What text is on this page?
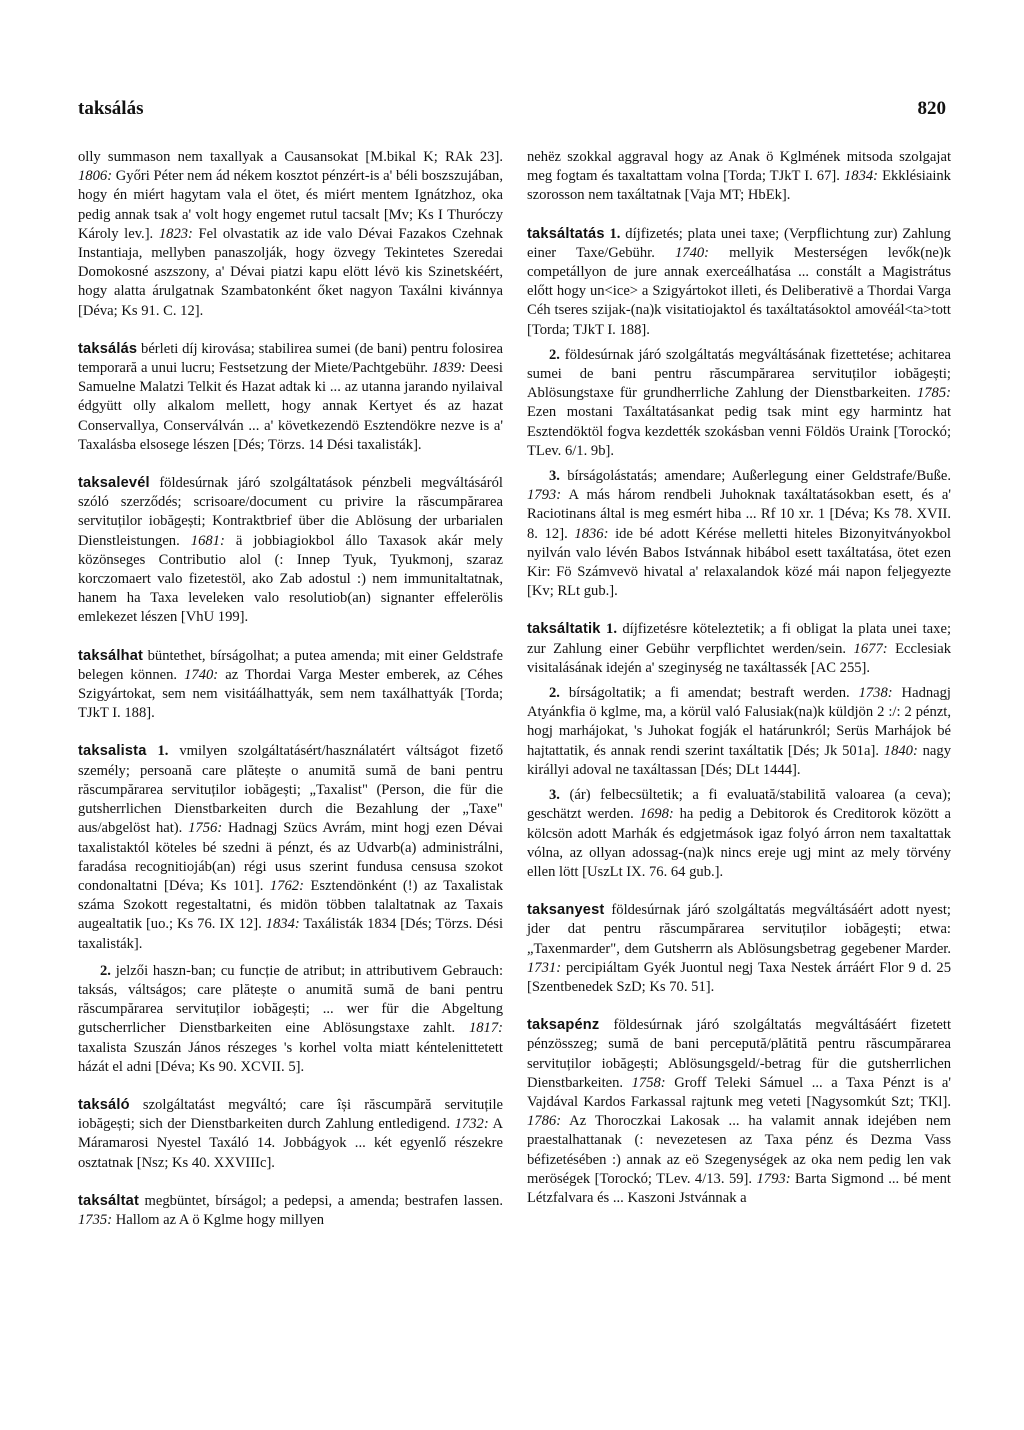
taksálás	820

olly summason nem taxallyak a Causansokat [M.bikal K; RAk 23]. 1806: Győri Péter nem ád nékem kosztot pénzért-is a' béli boszszujában, hogy én miért hagytam vala el ötet, és miért mentem Ignátzhoz, oka pedig annak tsak a' volt hogy engemet rutul tacsalt [Mv; Ks I Thuróczy Károly lev.]. 1823: Fel olvastatik az ide valo Dévai Fazakos Czehnak Instantiaja, mellyben panaszolják, hogy özvegy Tekintetes Szeredai Domokosné aszszony, a' Dévai piatzi kapu elött lévö kis Szinetskéért, hogy alatta árulgatnak Szambatonként őket nagyon Taxálni kivánnya [Déva; Ks 91. C. 12].

taksálás bérleti díj kirovása; stabilirea sumei (de bani) pentru folosirea temporară a unui lucru; Festsetzung der Miete/Pachtgebühr. 1839: Deesi Samuelne Malatzi Telkit és Hazat adtak ki ... az utanna jarando nyilaival édgyütt olly alkalom mellett, hogy annak Kertyet és az hazat Conservallya, Conserválván ... a' következendö Esztendökre nezve is a' Taxalásba elsosege lészen [Dés; Törzs. 14 Dési taxalisták].

taksalevél földesúrnak járó szolgáltatások pénzbeli megváltásáról szóló szerződés; scrisoare/document cu privire la răscumpărarea servituților iobăgești; Kontraktbrief über die Ablösung der urbarialen Dienstleistungen. 1681: ä jobbiagiokbol állo Taxasok akár mely közönseges Contributio alol (: Innep Tyuk, Tyukmonj, szaraz korczomaert valo fizetestöl, ako Zab adostul :) nem immunitaltatnak, hanem ha Taxa leveleken valo resolutiob(an) signanter effelerölis emlekezet lészen [VhU 199].

taksálhat büntethet, bírságolhat; a putea amenda; mit einer Geldstrafe belegen können. 1740: az Thordai Varga Mester emberek, az Céhes Szigyártokat, sem nem visitáálhattyák, sem nem taxálhattyák [Torda; TJkT I. 188].

taksalista 1. vmilyen szolgáltatásért/használatért váltságot fizető személy; persoană care plătește o anumită sumă de bani pentru răscumpărarea servituților iobăgești; „Taxalist" (Person, die für die gutsherrlichen Dienstbarkeiten durch die Bezahlung der „Taxe" aus/abgelöst hat). 1756: Hadnagj Szücs Avrám, mint hogj ezen Dévai taxalistaktól köteles bé szedni ä pénzt, és az Udvarb(a) administrálni, faradása recognitioјáb(an) régi usus szerint fundusa censusa szokot condonaltatni [Déva; Ks 101]. 1762: Esztendönként (!) az Taxalistak száma Szokott regestaltatni, és midön többen talaltatnak az Taxais augealtatik [uo.; Ks 76. IX 12]. 1834: Taxálisták 1834 [Dés; Törzs. Dési taxalisták].

2. jelzői haszn-ban; cu funcție de atribut; in attributivem Gebrauch: taksás, váltságos; care plătește o anumită sumă de bani pentru răscumpărarea servituților iobăgești; ... wer für die Abgeltung gutscherrlicher Dienstbarkeiten eine Ablösungstaxe zahlt. 1817: taxalista Szuszán János részeges 's korhel volta miatt kéntelenittetett házát el adni [Déva; Ks 90. XCVII. 5].

taksáló szolgáltatást megváltó; care își răscumpără servituțile iobăgești; sich der Dienstbarkeiten durch Zahlung entledigend. 1732: A Máramarosi Nyestel Taxáló 14. Jobbágyok ... két egyenlő részekre osztatnak [Nsz; Ks 40. XXVIIIc].

taksáltat megbüntet, bírságol; a pedepsi, a amenda; bestrafen lassen. 1735: Hallom az A ö Kglme hogy millyen

nehëz szokkal aggraval hogy az Anak ö Kglmének mitsoda szolgajat meg fogtam és taxaltattam volna [Torda; TJkT I. 67]. 1834: Ekklésiaink szorosson nem taxáltatnak [Vaja MT; HbEk].

taksáltatás 1. díjfizetés; plata unei taxe; (Verpflichtung zur) Zahlung einer Taxe/Gebühr. 1740: mellyik Mesterségen levők(ne)k competállyon de jure annak exerceálhatása ... constált a Magistrátus előtt hogy un<ice> a Szigyártokot illeti, és Deliberativë a Thordai Varga Céh tseres szijak-(na)k visitatiojaktol és taxáltatásoktol amovéál<ta>tott [Torda; TJkT I. 188].

2. földesúrnak járó szolgáltatás megváltásának fizettetése; achitarea sumei de bani pentru răscumpărarea servituților iobăgești; Ablösungstaxe für grundherrliche Zahlung der Dienstbarkeiten. 1785: Ezen mostani Taxáltatásankat pedig tsak mint egy harmintz hat Esztendöktöl fogva kezdették szokásban venni Földös Uraink [Torockó; TLev. 6/1. 9b].

3. bírságolástatás; amendare; Außerlegung einer Geldstrafe/Buße. 1793: A más három rendbeli Juhoknak taxáltatásokban esett, és a' Raciotinans által is meg esmért hiba ... Rf 10 xr. 1 [Déva; Ks 78. XVII. 8. 12]. 1836: ide bé adott Kérése melletti hiteles Bizonyitványokbol nyilván valo lévén Babos Istvánnak hibábol esett taxáltatása, ötet ezen Kir: Fö Számvevö hivatal a' relaxalandok közé mái napon feljegyezte [Kv; RLt gub.].

taksáltatik 1. díjfizetésre köteleztetik; a fi obligat la plata unei taxe; zur Zahlung einer Gebühr verpflichtet werden/sein. 1677: Ecclesiak visitalásának idején a' szeginység ne taxáltassék [AC 255].

2. bírságoltatik; a fi amendat; bestraft werden. 1738: Hadnagj Atyánkfia ö kglme, ma, a körül való Falusiak(na)k küldjön 2 :/: 2 pénzt, hogj marhájokat, 's Juhokat fogják el határunkról; Serüs Marhájok bé hajtattatik, és annak rendi szerint taxáltatik [Dés; Jk 501a]. 1840: nagy királlyi adoval ne taxáltassan [Dés; DLt 1444].

3. (ár) felbecsültetik; a fi evaluată/stabilită valoarea (a ceva); geschätzt werden. 1698: ha pedig a Debitorok és Creditorok között a kölcsön adott Marhák és edgjetmások igaz folyó árron nem taxaltattak vólna, az ollyan adossag-(na)k nincs ereje ugj mint az mely törvény ellen lött [UszLt IX. 76. 64 gub.].

taksanyest földesúrnak járó szolgáltatás megváltásáért adott nyest; jder dat pentru răscumpărarea servituților iobăgești; etwa: „Taxenmarder", dem Gutsherrn als Ablösungsbetrag gegebener Marder. 1731: percipiáltam Gyék Juontul negj Taxa Nestek árráért Flor 9 d. 25 [Szentbenedek SzD; Ks 70. 51].

taksapénz földesúrnak járó szolgáltatás megváltásáért fizetett pénzösszeg; sumă de bani percepută/plătită pentru răscumpărarea servituților iobăgești; Ablösungsgeld/-betrag für die gutsherrlichen Dienstbarkeiten. 1758: Groff Teleki Sámuel ... a Taxa Pénzt is a' Vajdával Kardos Farkassal rajtunk meg veteti [Nagysomkút Szt; TKl]. 1786: Az Thoroczkai Lakosak ... ha valamit annak idejében nem praestalhattanak (: nevezetesen az Taxa pénz és Dezma Vass béfizetésében :) annak az eö Szegenységek az oka nem pedig len vak meröségek [Torockó; TLev. 4/13. 59]. 1793: Barta Sigmond ... bé ment Létzfalvara és ... Kaszoni Jstvánnak a
